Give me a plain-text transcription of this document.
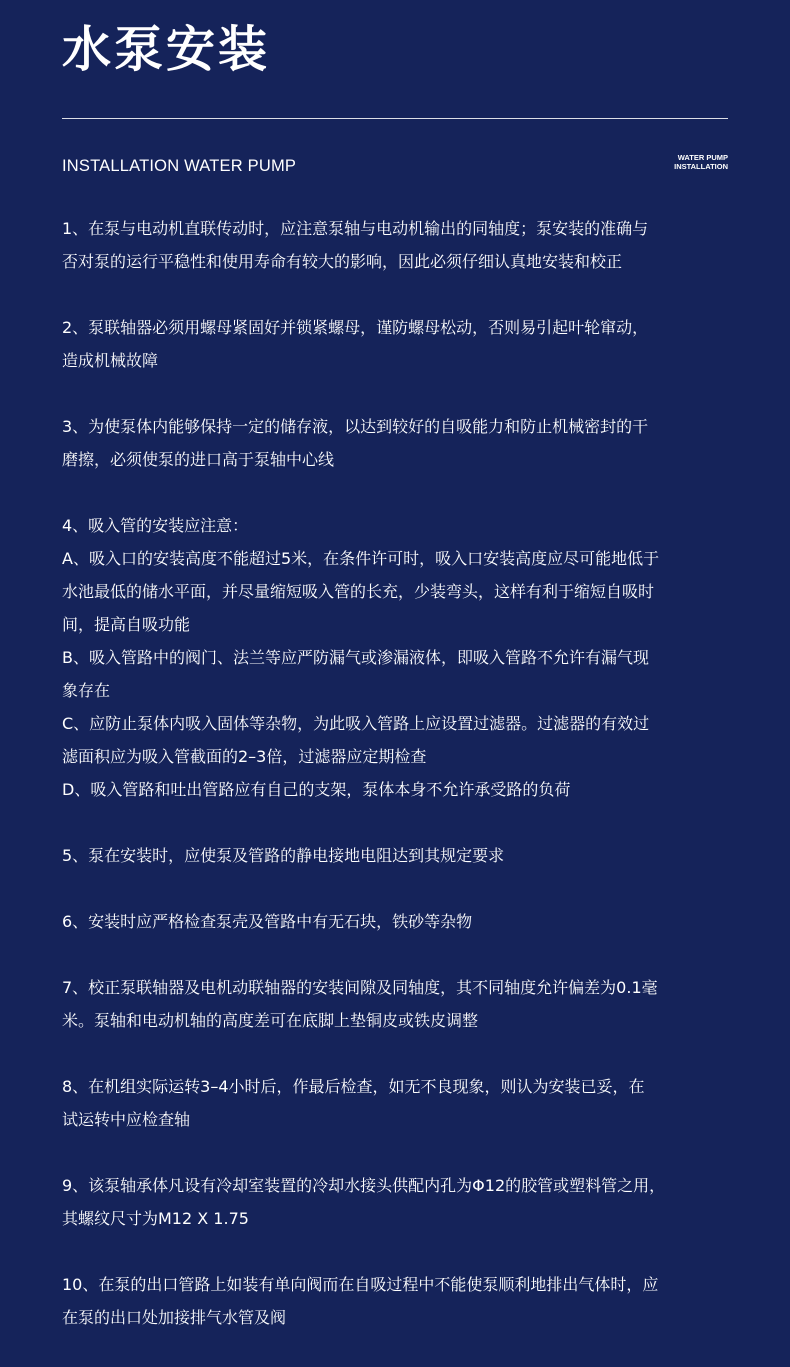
水泵安装
INSTALLATION WATER PUMP	WATER PUMP
INSTALLATION
1、在泵与电动机直联传动时，应注意泵轴与电动机输出的同轴度；泵安装的准确与
否对泵的运行平稳性和使用寿命有较大的影响，因此必须仔细认真地安装和校正
2、泵联轴器必须用螺母紧固好并锁紧螺母，谨防螺母松动，否则易引起叶轮窜动，
造成机械故障
3、为使泵体内能够保持一定的储存液，以达到较好的自吸能力和防止机械密封的干
磨擦，必须使泵的进口高于泵轴中心线
4、吸入管的安装应注意：
A、吸入口的安装高度不能超过5米，在条件许可时，吸入口安装高度应尽可能地低于
水池最低的储水平面，并尽量缩短吸入管的长充，少装弯头，这样有利于缩短自吸时
间，提高自吸功能
B、吸入管路中的阀门、法兰等应严防漏气或渗漏液体，即吸入管路不允许有漏气现
象存在
C、应防止泵体内吸入固体等杂物，为此吸入管路上应设置过滤器。过滤器的有效过
滤面积应为吸入管截面的2–3倍，过滤器应定期检查
D、吸入管路和吐出管路应有自己的支架，泵体本身不允许承受路的负荷
5、泵在安装时，应使泵及管路的静电接地电阻达到其规定要求
6、安装时应严格检查泵壳及管路中有无石块，铁砂等杂物
7、校正泵联轴器及电机动联轴器的安装间隙及同轴度，其不同轴度允许偏差为0.1毫
米。泵轴和电动机轴的高度差可在底脚上垫铜皮或铁皮调整
8、在机组实际运转3–4小时后，作最后检查，如无不良现象，则认为安装已妥，在
试运转中应检查轴
9、该泵轴承体凡设有冷却室装置的冷却水接头供配内孔为Φ12的胶管或塑料管之用，
其螺纹尺寸为M12 X 1.75
10、在泵的出口管路上如装有单向阀而在自吸过程中不能使泵顺利地排出气体时，应
在泵的出口处加接排气水管及阀
